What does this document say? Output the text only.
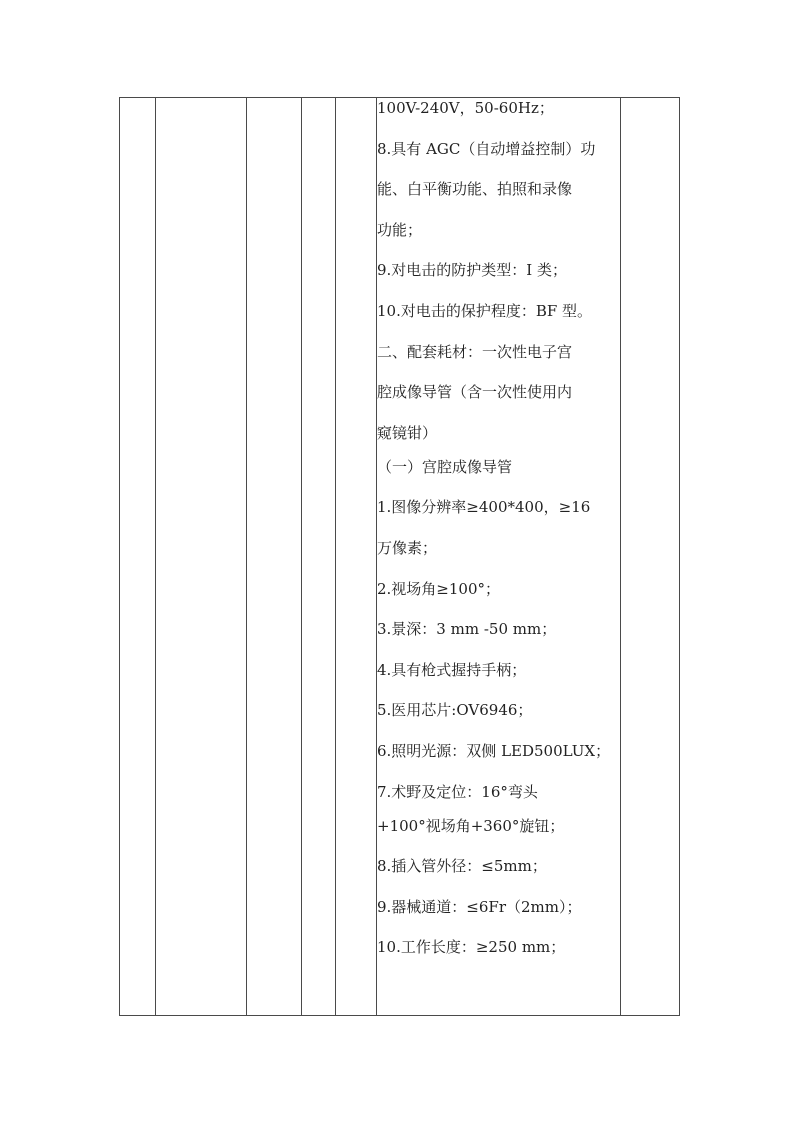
100V-240V，50-60Hz；
8.具有 AGC（自动增益控制）功
能、白平衡功能、拍照和录像
功能；
9.对电击的防护类型：I 类；
10.对电击的保护程度：BF 型。
二、配套耗材：一次性电子宫
腔成像导管（含一次性使用内
窥镜钳）
（一）宫腔成像导管
1.图像分辨率≥400*400，≥16
万像素；
2.视场角≥100°；
3.景深：3 mm -50 mm；
4.具有枪式握持手柄；
5.医用芯片:OV6946；
6.照明光源：双侧 LED500LUX；
7.术野及定位：16°弯头
+100°视场角+360°旋钮；
8.插入管外径：≤5mm；
9.器械通道：≤6Fr（2mm）；
10.工作长度：≥250 mm；
